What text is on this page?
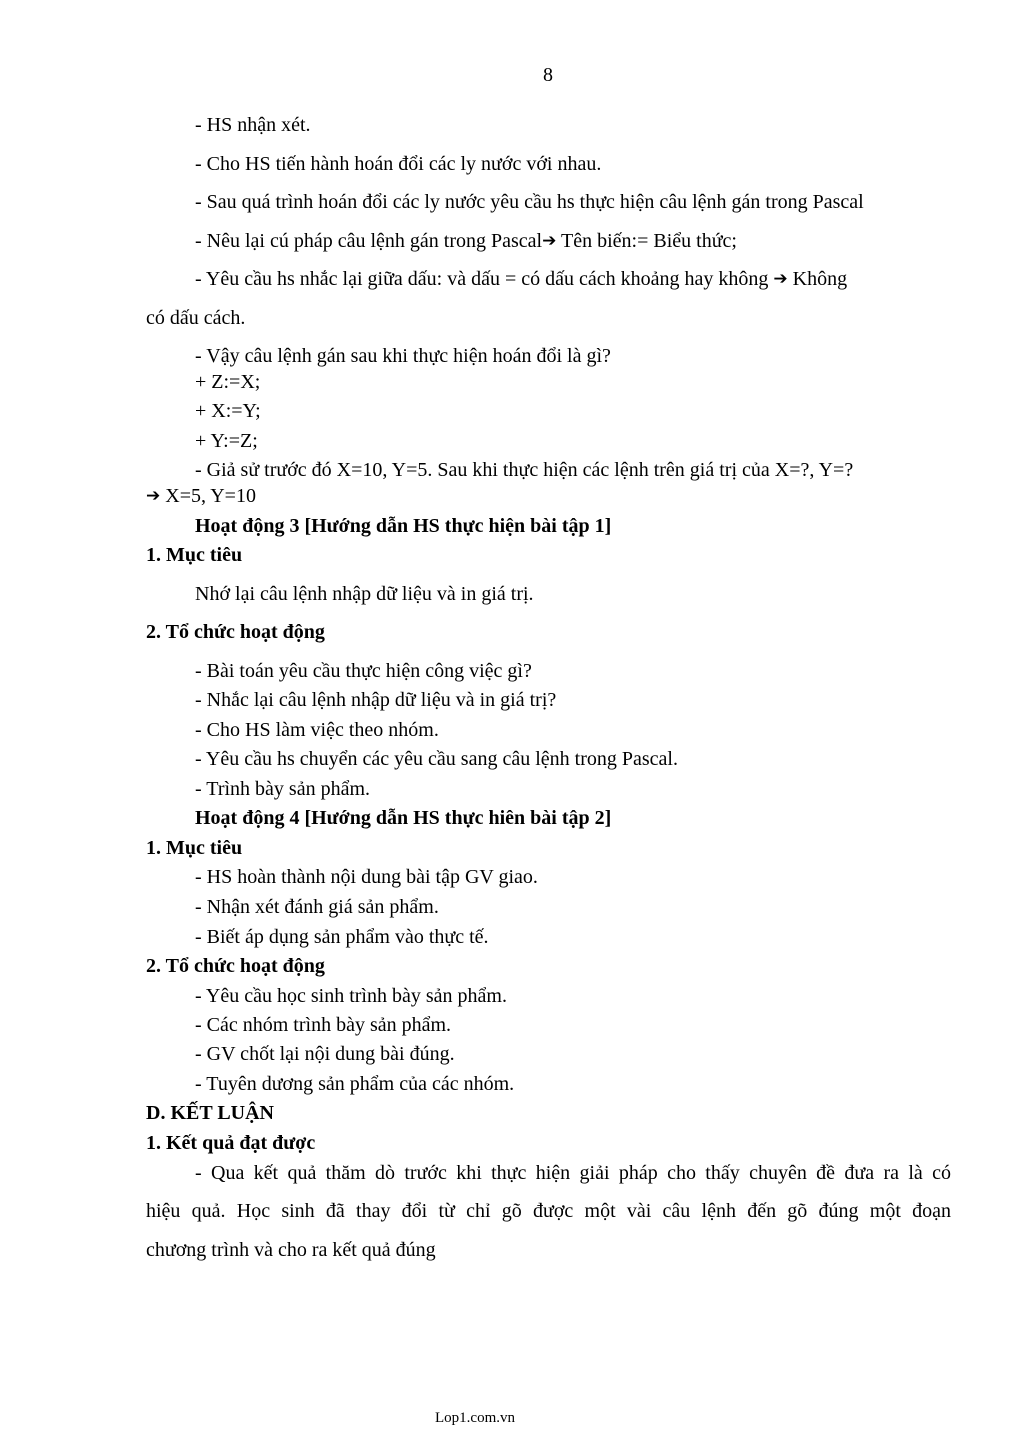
8
- HS nhận xét.
- Cho HS tiến hành hoán đổi các ly nước với nhau.
- Sau quá trình hoán đổi các ly nước yêu cầu hs thực hiện câu lệnh gán trong Pascal
- Nêu lại cú pháp câu lệnh gán trong Pascal➔ Tên biến:= Biểu thức;
- Yêu cầu hs nhắc lại giữa dấu: và dấu = có dấu cách khoảng hay không ➔ Không
có dấu cách.
- Vậy câu lệnh gán sau khi thực hiện hoán đổi là gì?
+ Z:=X;
+ X:=Y;
+ Y:=Z;
- Giả sử trước đó X=10, Y=5. Sau khi thực hiện các lệnh trên giá trị của X=?, Y=?
➔ X=5, Y=10
Hoạt động 3 [Hướng dẫn HS thực hiện bài tập 1]
1. Mục tiêu
Nhớ lại câu lệnh nhập dữ liệu và in giá trị.
2. Tổ chức hoạt động
- Bài toán yêu cầu thực hiện công việc gì?
- Nhắc lại câu lệnh nhập dữ liệu và in giá trị?
- Cho HS làm việc theo nhóm.
- Yêu cầu hs chuyển các yêu cầu sang câu lệnh trong Pascal.
- Trình bày sản phẩm.
Hoạt động 4 [Hướng dẫn HS thực hiên bài tập 2]
1. Mục tiêu
- HS hoàn thành nội dung bài tập GV giao.
- Nhận xét đánh giá sản phẩm.
- Biết áp dụng sản phẩm vào thực tế.
2. Tổ chức hoạt động
- Yêu cầu học sinh trình bày sản phẩm.
- Các nhóm trình bày sản phẩm.
- GV chốt lại nội dung bài đúng.
- Tuyên dương sản phẩm của các nhóm.
D. KẾT LUẬN
1. Kết quả đạt được
- Qua kết quả thăm dò trước khi thực hiện giải pháp cho thấy chuyên đề đưa ra là có
hiệu quả. Học sinh đã thay đổi từ chỉ gõ được một vài câu lệnh đến gõ đúng một đoạn
chương trình và cho ra kết quả đúng
Lop1.com.vn
